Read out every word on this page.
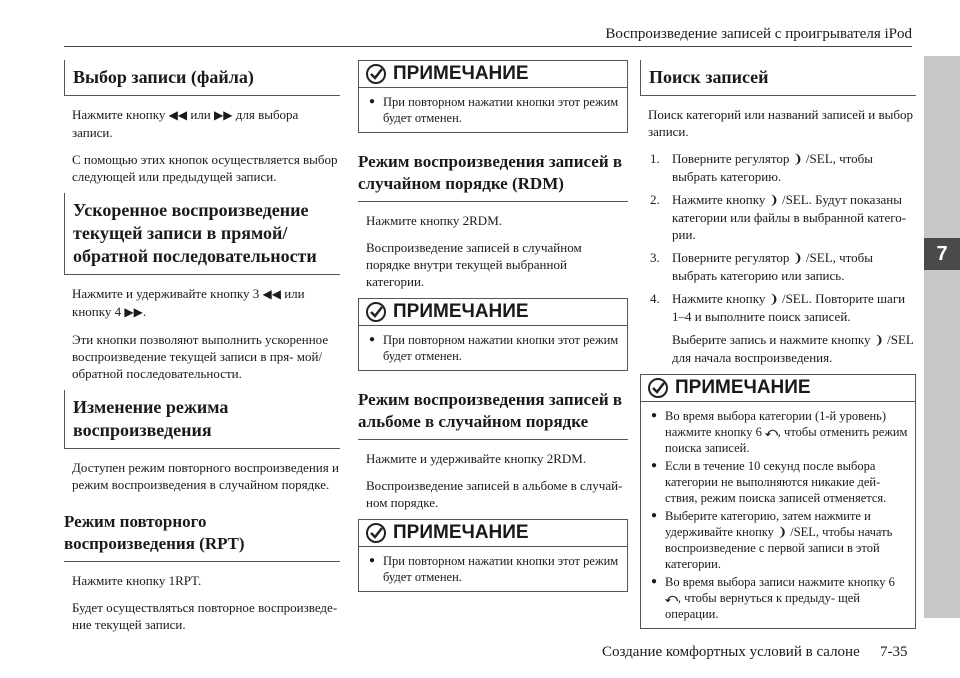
Воспроизведение записей с проигрывателя iPod
7
Выбор записи (файла)

Нажмите кнопку ◀◀ или ▶▶ для выбора записи.

С помощью этих кнопок осуществляется выбор следующей или предыдущей записи.

Ускоренное воспроизведение текущей записи в прямой/ обратной последовательности

Нажмите и удерживайте кнопку 3 ◀◀ или кнопку 4 ▶▶.

Эти кнопки позволяют выполнить ускоренное воспроизведение текущей записи в пря- мой/обратной последовательности.

Изменение режима воспроизведения

Доступен режим повторного воспроизведения и режим воспроизведения в случайном порядке.

Режим повторного воспроизведения (RPT)

Нажмите кнопку 1RPT.

Будет осуществляться повторное воспроизведе- ние текущей записи.

ПРИМЕЧАНИЕ
● При повторном нажатии кнопки этот режим будет отменен.
Режим воспроизведения записей в случайном порядке (RDM)

Нажмите кнопку 2RDM.

Воспроизведение записей в случайном порядке внутри текущей выбранной категории.

ПРИМЕЧАНИЕ
● При повторном нажатии кнопки этот режим будет отменен.
Режим воспроизведения записей в альбоме в случайном порядке

Нажмите и удерживайте кнопку 2RDM.

Воспроизведение записей в альбоме в случай- ном порядке.

ПРИМЕЧАНИЕ
● При повторном нажатии кнопки этот режим будет отменен.
Поиск записей

Поиск категорий или названий записей и выбор записи.

1. Поверните регулятор ❩ /SEL, чтобы выбрать категорию.
2. Нажмите кнопку ❩ /SEL. Будут показаны категории или файлы в выбранной катего- рии.
3. Поверните регулятор ❩ /SEL, чтобы выбрать категорию или запись.
4. Нажмите кнопку ❩ /SEL. Повторите шаги 1–4 и выполните поиск записей.
Выберите запись и нажмите кнопку ❩ /SEL для начала воспроизведения.
ПРИМЕЧАНИЕ
● Во время выбора категории (1-й уровень) нажмите кнопку 6 ⤺, чтобы отменить режим поиска записей.
● Если в течение 10 секунд после выбора категории не выполняются никакие дей- ствия, режим поиска записей отменяется.
● Выберите категорию, затем нажмите и удерживайте кнопку ❩ /SEL, чтобы начать воспроизведение с первой записи в этой категории.
● Во время выбора записи нажмите кнопку 6 ⤺, чтобы вернуться к предыду- щей операции.
Создание комфортных условий в салоне 7-35
